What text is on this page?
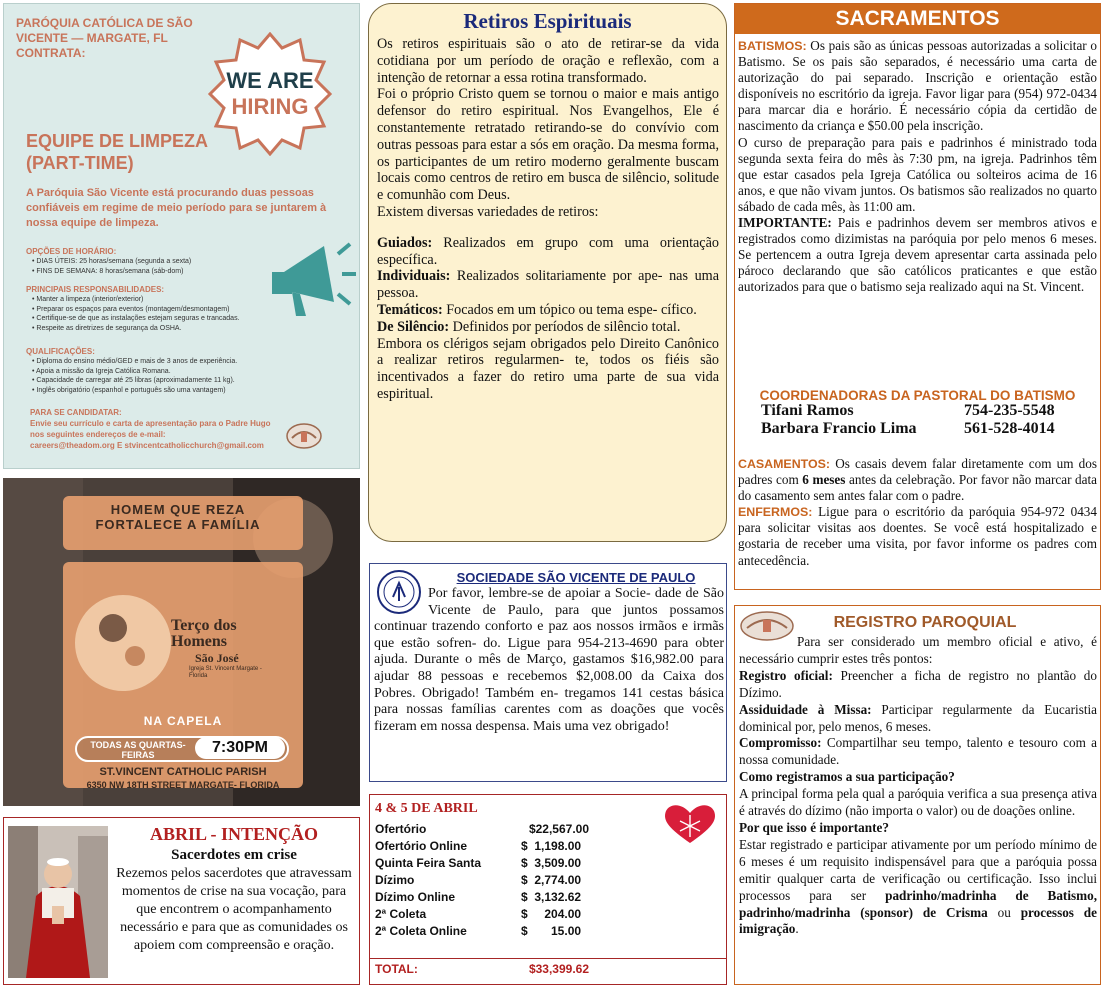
PARÓQUIA CATÓLICA DE SÃO VICENTE — MARGATE, FL CONTRATA:
WE ARE
HIRING
EQUIPE DE LIMPEZA
(PART-TIME)
A Paróquia São Vicente está procurando duas pessoas confiáveis em regime de meio período para se juntarem à nossa equipe de limpeza.
OPÇÕES DE HORÁRIO:
• DIAS ÚTEIS: 25 horas/semana (segunda a sexta)
• FINS DE SEMANA: 8 horas/semana (sáb-dom)
PRINCIPAIS RESPONSABILIDADES:
• Manter a limpeza (interior/exterior)
• Preparar os espaços para eventos (montagem/desmontagem)
• Certifique-se de que as instalações estejam seguras e trancadas.
• Respeite as diretrizes de segurança da OSHA.
QUALIFICAÇÕES:
• Diploma do ensino médio/GED e mais de 3 anos de experiência.
• Apoia a missão da Igreja Católica Romana.
• Capacidade de carregar até 25 libras (aproximadamente 11 kg).
• Inglês obrigatório (espanhol e português são uma vantagem)
PARA SE CANDIDATAR:
Envie seu currículo e carta de apresentação para o Padre Hugo nos seguintes endereços de e-mail:
careers@theadom.org E stvincentcatholicchurch@gmail.com
HOMEM QUE REZA FORTALECE A FAMÍLIA
Terço dos
Homens
São José
Igreja St. Vincent Margate - Florida
NA CAPELA
TODAS AS QUARTAS-FEIRAS	7:30PM
ST.VINCENT CATHOLIC PARISH
6350 NW 18TH STREET MARGATE- FLORIDA
ABRIL - INTENÇÃO
Sacerdotes em crise
Rezemos pelos sacerdotes que atravessam momentos de crise na sua vocação, para que encontrem o acompanhamento necessário e para que as comunidades os apoiem com compreensão e oração.
Retiros Espirituais

Os retiros espirituais são o ato de retirar-se da vida cotidiana por um período de oração e reflexão, com a intenção de retornar a essa rotina transformado.

Foi o próprio Cristo quem se tornou o maior e mais antigo defensor do retiro espiritual. Nos Evangelhos, Ele é constantemente retratado retirando-se do convívio com outras pessoas para estar a sós em oração. Da mesma forma, os participantes de um retiro moderno geralmente buscam locais como centros de retiro em busca de silêncio, solitude e comunhão com Deus.

Existem diversas variedades de retiros:

Guiados: Realizados em grupo com uma orientação específica.

Individuais: Realizados solitariamente por ape- nas uma pessoa.

Temáticos: Focados em um tópico ou tema espe- cífico.

De Silêncio: Definidos por períodos de silêncio total.

Embora os clérigos sejam obrigados pelo Direito Canônico a realizar retiros regularmen- te, todos os fiéis são incentivados a fazer do retiro uma parte de sua vida espiritual.

SOCIEDADE SÃO VICENTE DE PAULO
Por favor, lembre-se de apoiar a Socie- dade de São Vicente de Paulo, para que juntos possamos continuar trazendo conforto e paz aos nossos irmãos e irmãs que estão sofren- do. Ligue para 954-213-4690 para obter ajuda. Durante o mês de Março, gastamos $16,982.00 para ajudar 88 pessoas e recebemos $2,008.00 da Caixa dos Pobres. Obrigado! Também en- tregamos 141 cestas básica para nossas famílias carentes com as doações que vocês fizeram em nossa despensa. Mais uma vez obrigado!
4 & 5 DE ABRIL
Ofertório	$22,567.00
Ofertório Online	$  1,198.00
Quinta Feira Santa	$  3,509.00
Dízimo	$  2,774.00
Dízimo Online	$  3,132.62
2ª Coleta	$     204.00
2ª Coleta Online	$       15.00
TOTAL:	$33,399.62
SACRAMENTOS
BATISMOS: Os pais são as únicas pessoas autorizadas a solicitar o Batismo. Se os pais são separados, é necessário uma carta de autorização do pai separado. Inscrição e orientação estão disponíveis no escritório da igreja. Favor ligar para (954) 972-0434 para marcar dia e horário. É necessário cópia da certidão de nascimento da criança e $50.00 pela inscrição.
O curso de preparação para pais e padrinhos é ministrado toda segunda sexta feira do mês às 7:30 pm, na igreja. Padrinhos têm que estar casados pela Igreja Católica ou solteiros acima de 16 anos, e que não vivam juntos. Os batismos são realizados no quarto sábado de cada mês, às 11:00 am.
IMPORTANTE: Pais e padrinhos devem ser membros ativos e registrados como dizimistas na paróquia por pelo menos 6 meses. Se pertencem a outra Igreja devem apresentar carta assinada pelo pároco declarando que são católicos praticantes e que estão autorizados para que o batismo seja realizado aqui na St. Vincent.
COORDENADORAS DA PASTORAL DO BATISMO
Tifani Ramos	754-235-5548
Barbara Francio Lima	561-528-4014
CASAMENTOS: Os casais devem falar diretamente com um dos padres com 6 meses antes da celebração. Por favor não marcar data do casamento sem antes falar com o padre.
ENFERMOS: Ligue para o escritório da paróquia 954-972 0434 para solicitar visitas aos doentes. Se você está hospitalizado e gostaria de receber uma visita, por favor informe os padres com antecedência.
REGISTRO PAROQUIAL

Para ser considerado um membro oficial e ativo, é necessário cumprir estes três pontos:

Registro oficial: Preencher a ficha de registro no plantão do Dízimo.

Assiduidade à Missa: Participar regularmente da Eucaristia dominical por, pelo menos, 6 meses.

Compromisso: Compartilhar seu tempo, talento e tesouro com a nossa comunidade.

Como registramos a sua participação?

A principal forma pela qual a paróquia verifica a sua presença ativa é através do dízimo (não importa o valor) ou de doações online.

Por que isso é importante?

Estar registrado e participar ativamente por um período mínimo de 6 meses é um requisito indispensável para que a paróquia possa emitir qualquer carta de verificação ou certificação. Isso inclui processos para ser padrinho/madrinha de Batismo, padrinho/madrinha (sponsor) de Crisma ou processos de imigração.
